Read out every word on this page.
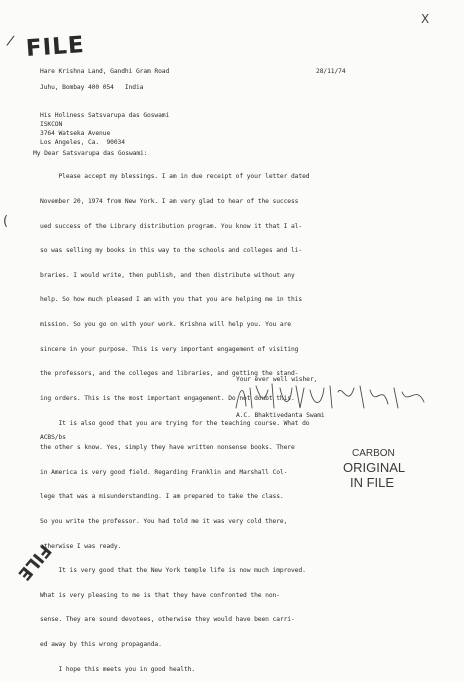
/ FILE
X
Hare Krishna Land, Gandhi Gram Road	28/11/74
Juhu, Bombay 400 054   India
His Holiness Satsvarupa das Goswami
ISKCON
3764 Watseka Avenue
Los Angeles, Ca.  90034
My Dear Satsvarupa das Goswami:

Please accept my blessings. I am in due receipt of your letter dated

November 20, 1974 from New York. I am very glad to hear of the success

ued success of the Library distribution program. You know it that I al-

so was selling my books in this way to the schools and colleges and li-

braries. I would write, then publish, and then distribute without any

help. So how much pleased I am with you that you are helping me in this

mission. So you go on with your work. Krishna will help you. You are

sincere in your purpose. This is very important engagement of visiting

the professors, and the colleges and libraries, and getting the stand-

ing orders. This is the most important engagement. Do not doubt this.

It is also good that you are trying for the teaching course. What do

the other s know. Yes, simply they have written nonsense books. There

in America is very good field. Regarding Franklin and Marshall Col-

lege that was a misunderstanding. I am prepared to take the class.

So you write the professor. You had told me it was very cold there,

otherwise I was ready.

It is very good that the New York temple life is now much improved.

What is very pleasing to me is that they have confronted the non-

sense. They are sound devotees, otherwise they would have been carri-

ed away by this wrong propaganda.

I hope this meets you in good health.

(
Your ever well wisher,
A.C. Bhaktivedanta Swami
ACBS/bs
CARBON
ORIGINAL
IN FILE
FILE
